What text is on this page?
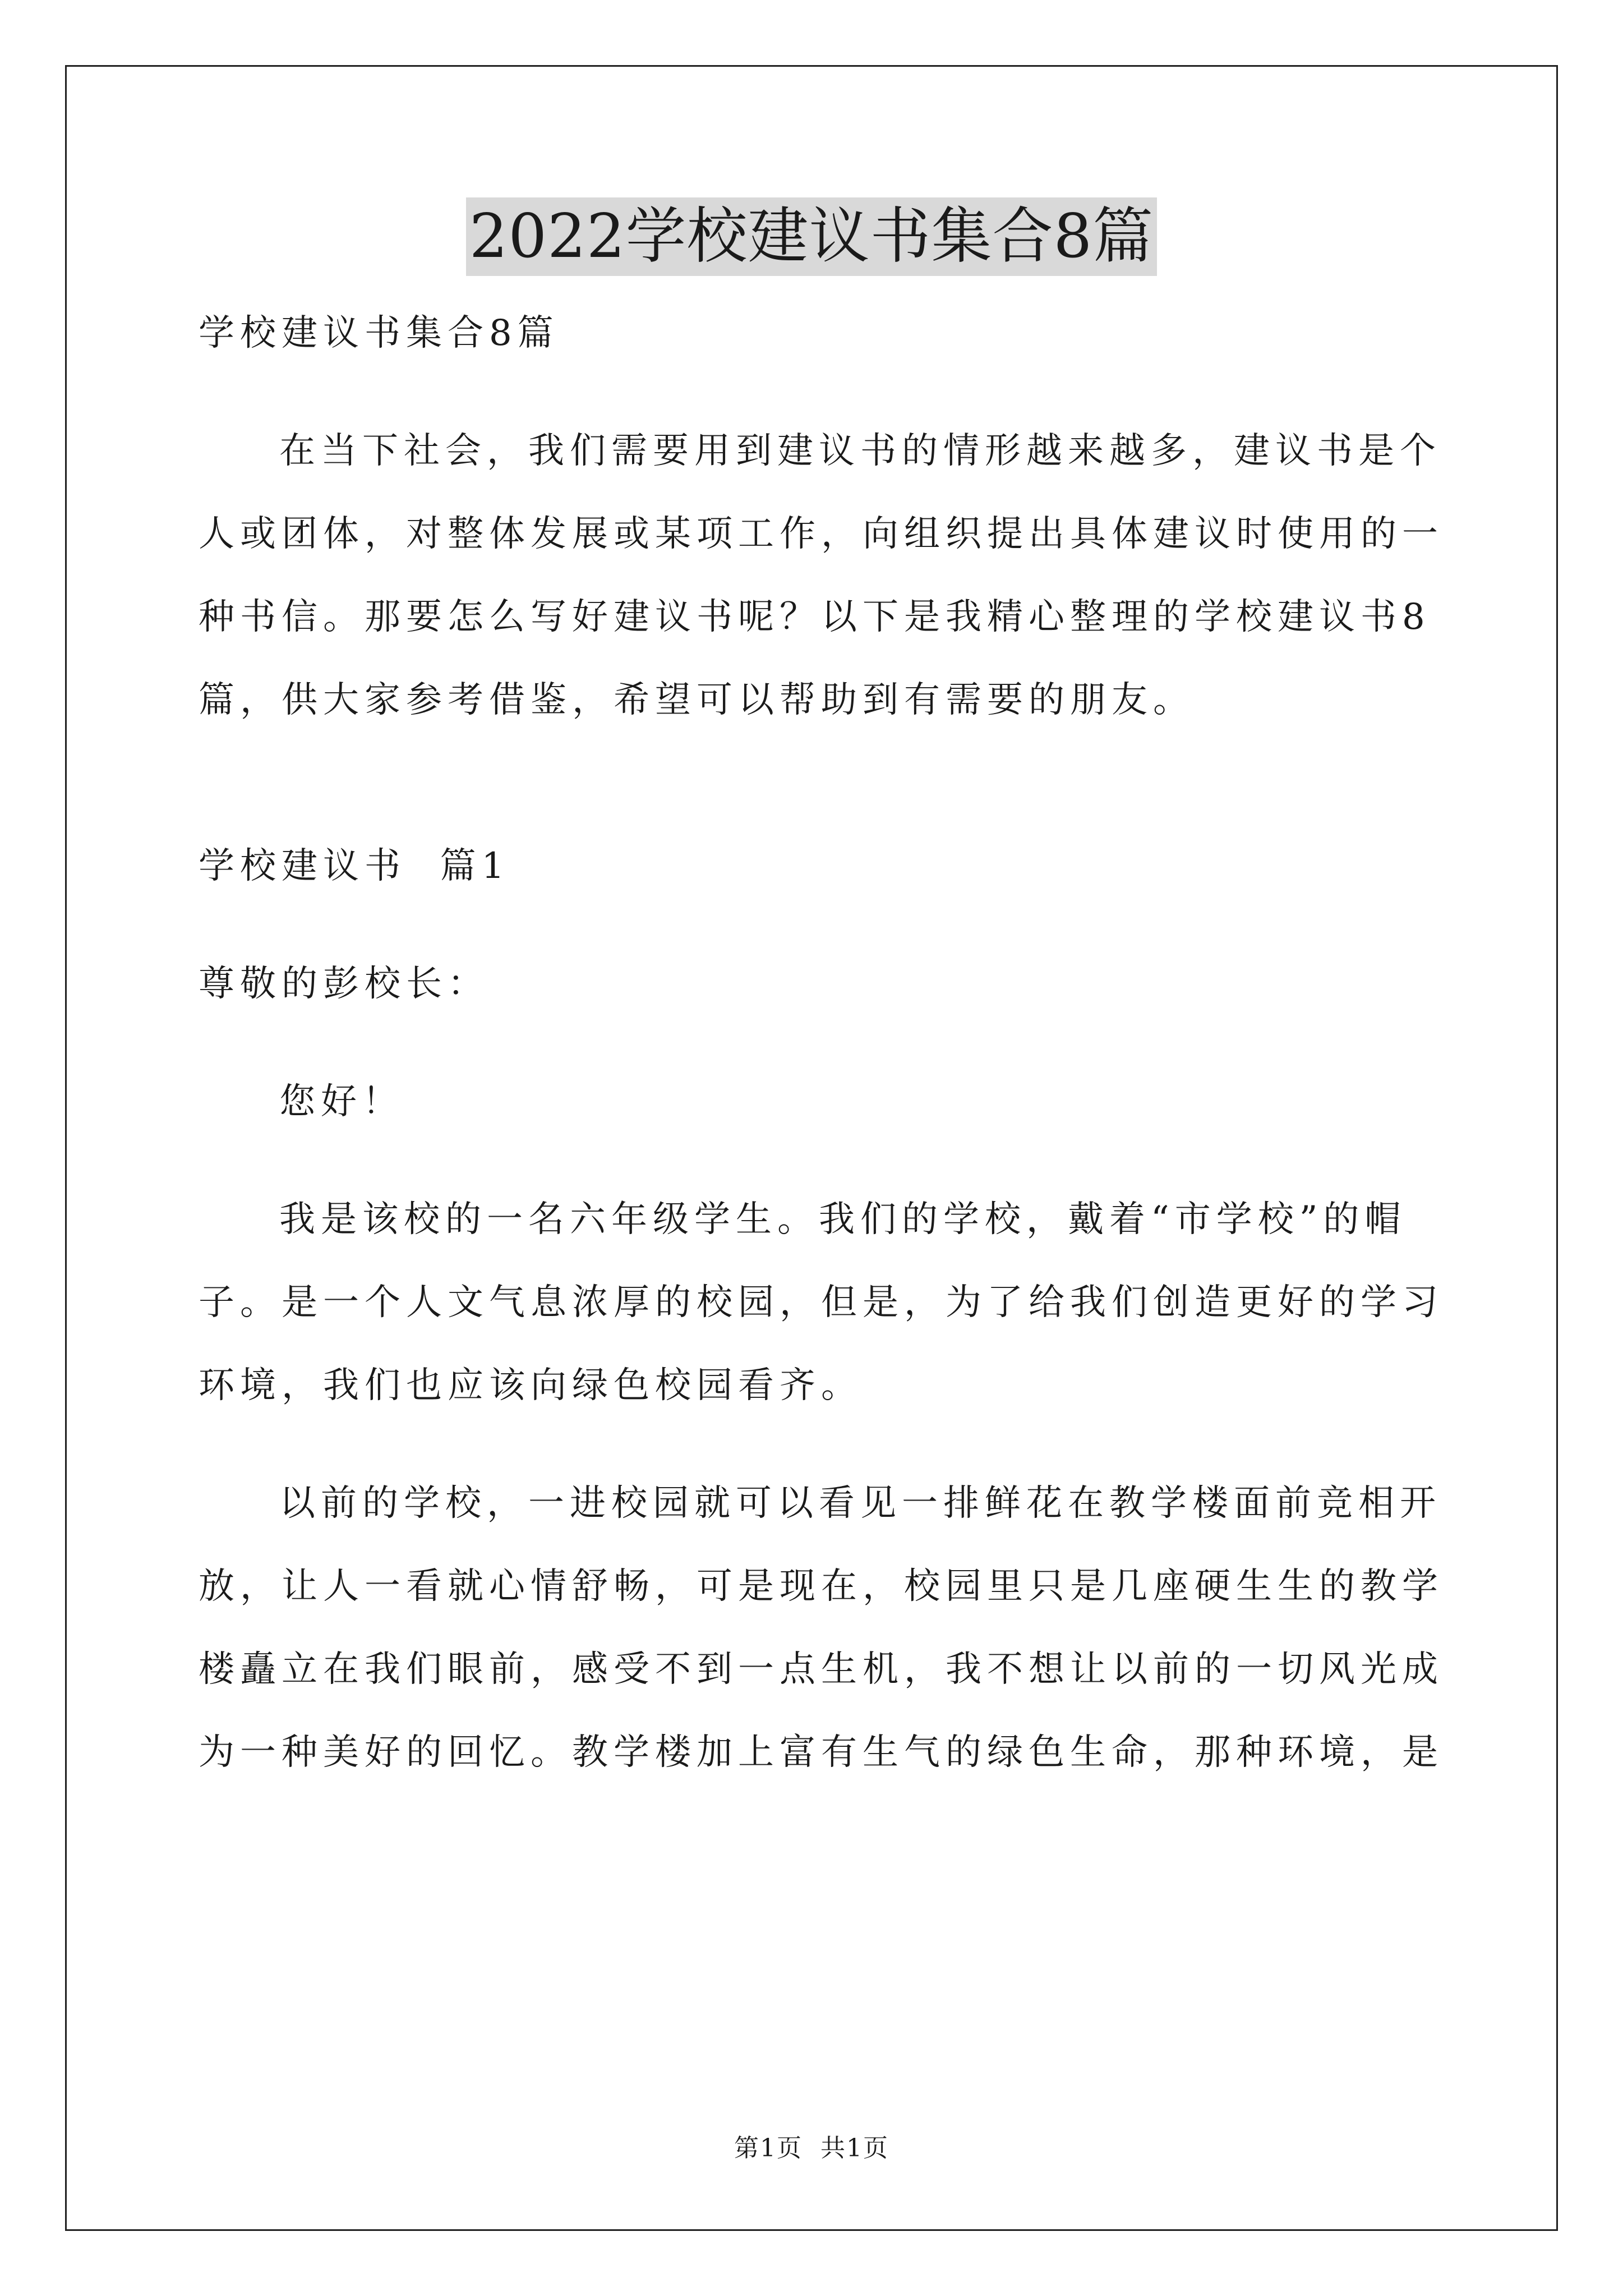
2022学校建议书集合8篇
学校建议书集合8篇
在当下社会，我们需要用到建议书的情形越来越多，建议书是个
人或团体，对整体发展或某项工作，向组织提出具体建议时使用的一
种书信。那要怎么写好建议书呢？以下是我精心整理的学校建议书8
篇，供大家参考借鉴，希望可以帮助到有需要的朋友。
学校建议书  篇1
尊敬的彭校长：
您好！
我是该校的一名六年级学生。我们的学校，戴着“市学校”的帽
子。是一个人文气息浓厚的校园，但是，为了给我们创造更好的学习
环境，我们也应该向绿色校园看齐。
以前的学校，一进校园就可以看见一排鲜花在教学楼面前竞相开
放，让人一看就心情舒畅，可是现在，校园里只是几座硬生生的教学
楼矗立在我们眼前，感受不到一点生机，我不想让以前的一切风光成
为一种美好的回忆。教学楼加上富有生气的绿色生命，那种环境，是
第1页  共1页
